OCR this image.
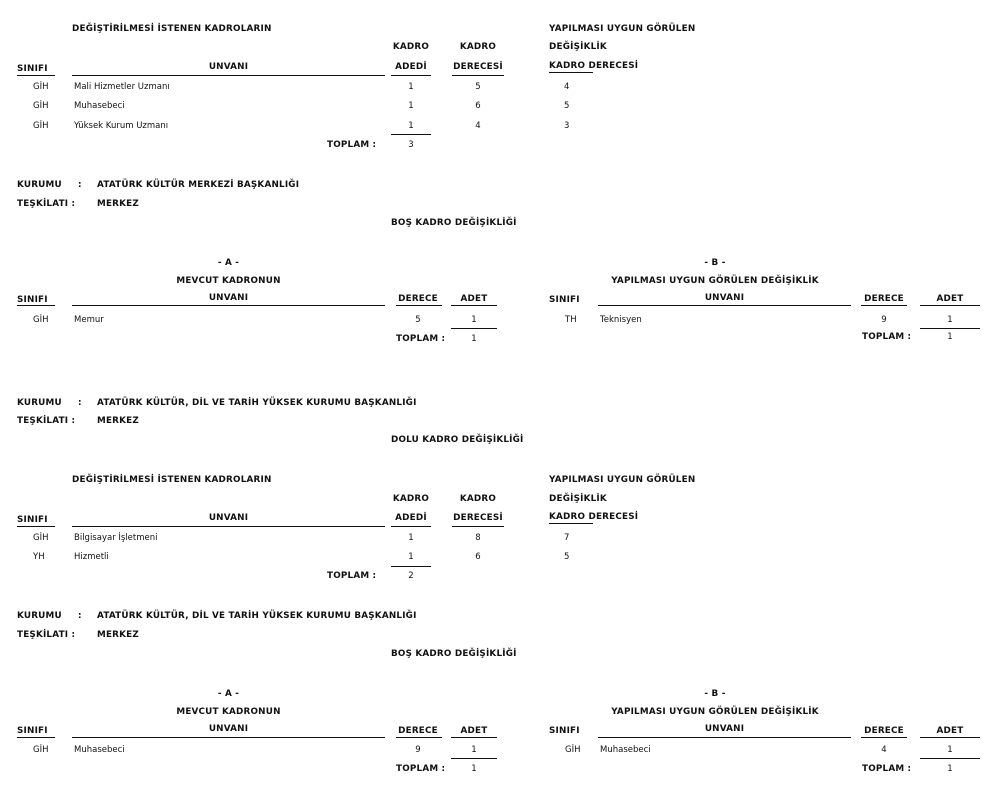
DEĞİŞTİRİLMESİ İSTENEN KADROLARIN
KADRO	KADRO
YAPILMASI UYGUN GÖRÜLEN
DEĞİŞİKLİK
KADRO DERECESİ
SINIFI	UNVANI	ADEDİ	DERECESİ
GİH	Mali Hizmetler Uzmanı	1	5	4
GİH	Muhasebeci	1	6	5
GİH	Yüksek Kurum Uzmanı	1	4	3
TOPLAM :	3
KURUMU : ATATÜRK KÜLTÜR MERKEZİ BAŞKANLIĞI
TEŞKİLATI : MERKEZ
BOŞ KADRO DEĞİŞİKLİĞİ
- A -
MEVCUT KADRONUN
SINIFI	UNVANI	DERECE	ADET
GİH	Memur	5	1
TOPLAM :	1
- B -
YAPILMASI UYGUN GÖRÜLEN DEĞİŞİKLİK
SINIFI	UNVANI	DERECE	ADET
TH	Teknisyen	9	1
TOPLAM :	1
KURUMU : ATATÜRK KÜLTÜR, DİL VE TARİH YÜKSEK KURUMU BAŞKANLIĞI
TEŞKİLATI : MERKEZ
DOLU KADRO DEĞİŞİKLİĞİ
DEĞİŞTİRİLMESİ İSTENEN KADROLARIN
KADRO	KADRO
YAPILMASI UYGUN GÖRÜLEN
DEĞİŞİKLİK
KADRO DERECESİ
SINIFI	UNVANI	ADEDİ	DERECESİ
GİH	Bilgisayar İşletmeni	1	8	7
YH	Hizmetli	1	6	5
TOPLAM :	2
KURUMU : ATATÜRK KÜLTÜR, DİL VE TARİH YÜKSEK KURUMU BAŞKANLIĞI
TEŞKİLATI : MERKEZ
BOŞ KADRO DEĞİŞİKLİĞİ
- A -
MEVCUT KADRONUN
SINIFI	UNVANI	DERECE	ADET
GİH	Muhasebeci	9	1
TOPLAM :	1
- B -
YAPILMASI UYGUN GÖRÜLEN DEĞİŞİKLİK
SINIFI	UNVANI	DERECE	ADET
GİH Muhasebeci	4	1
TOPLAM :	1
